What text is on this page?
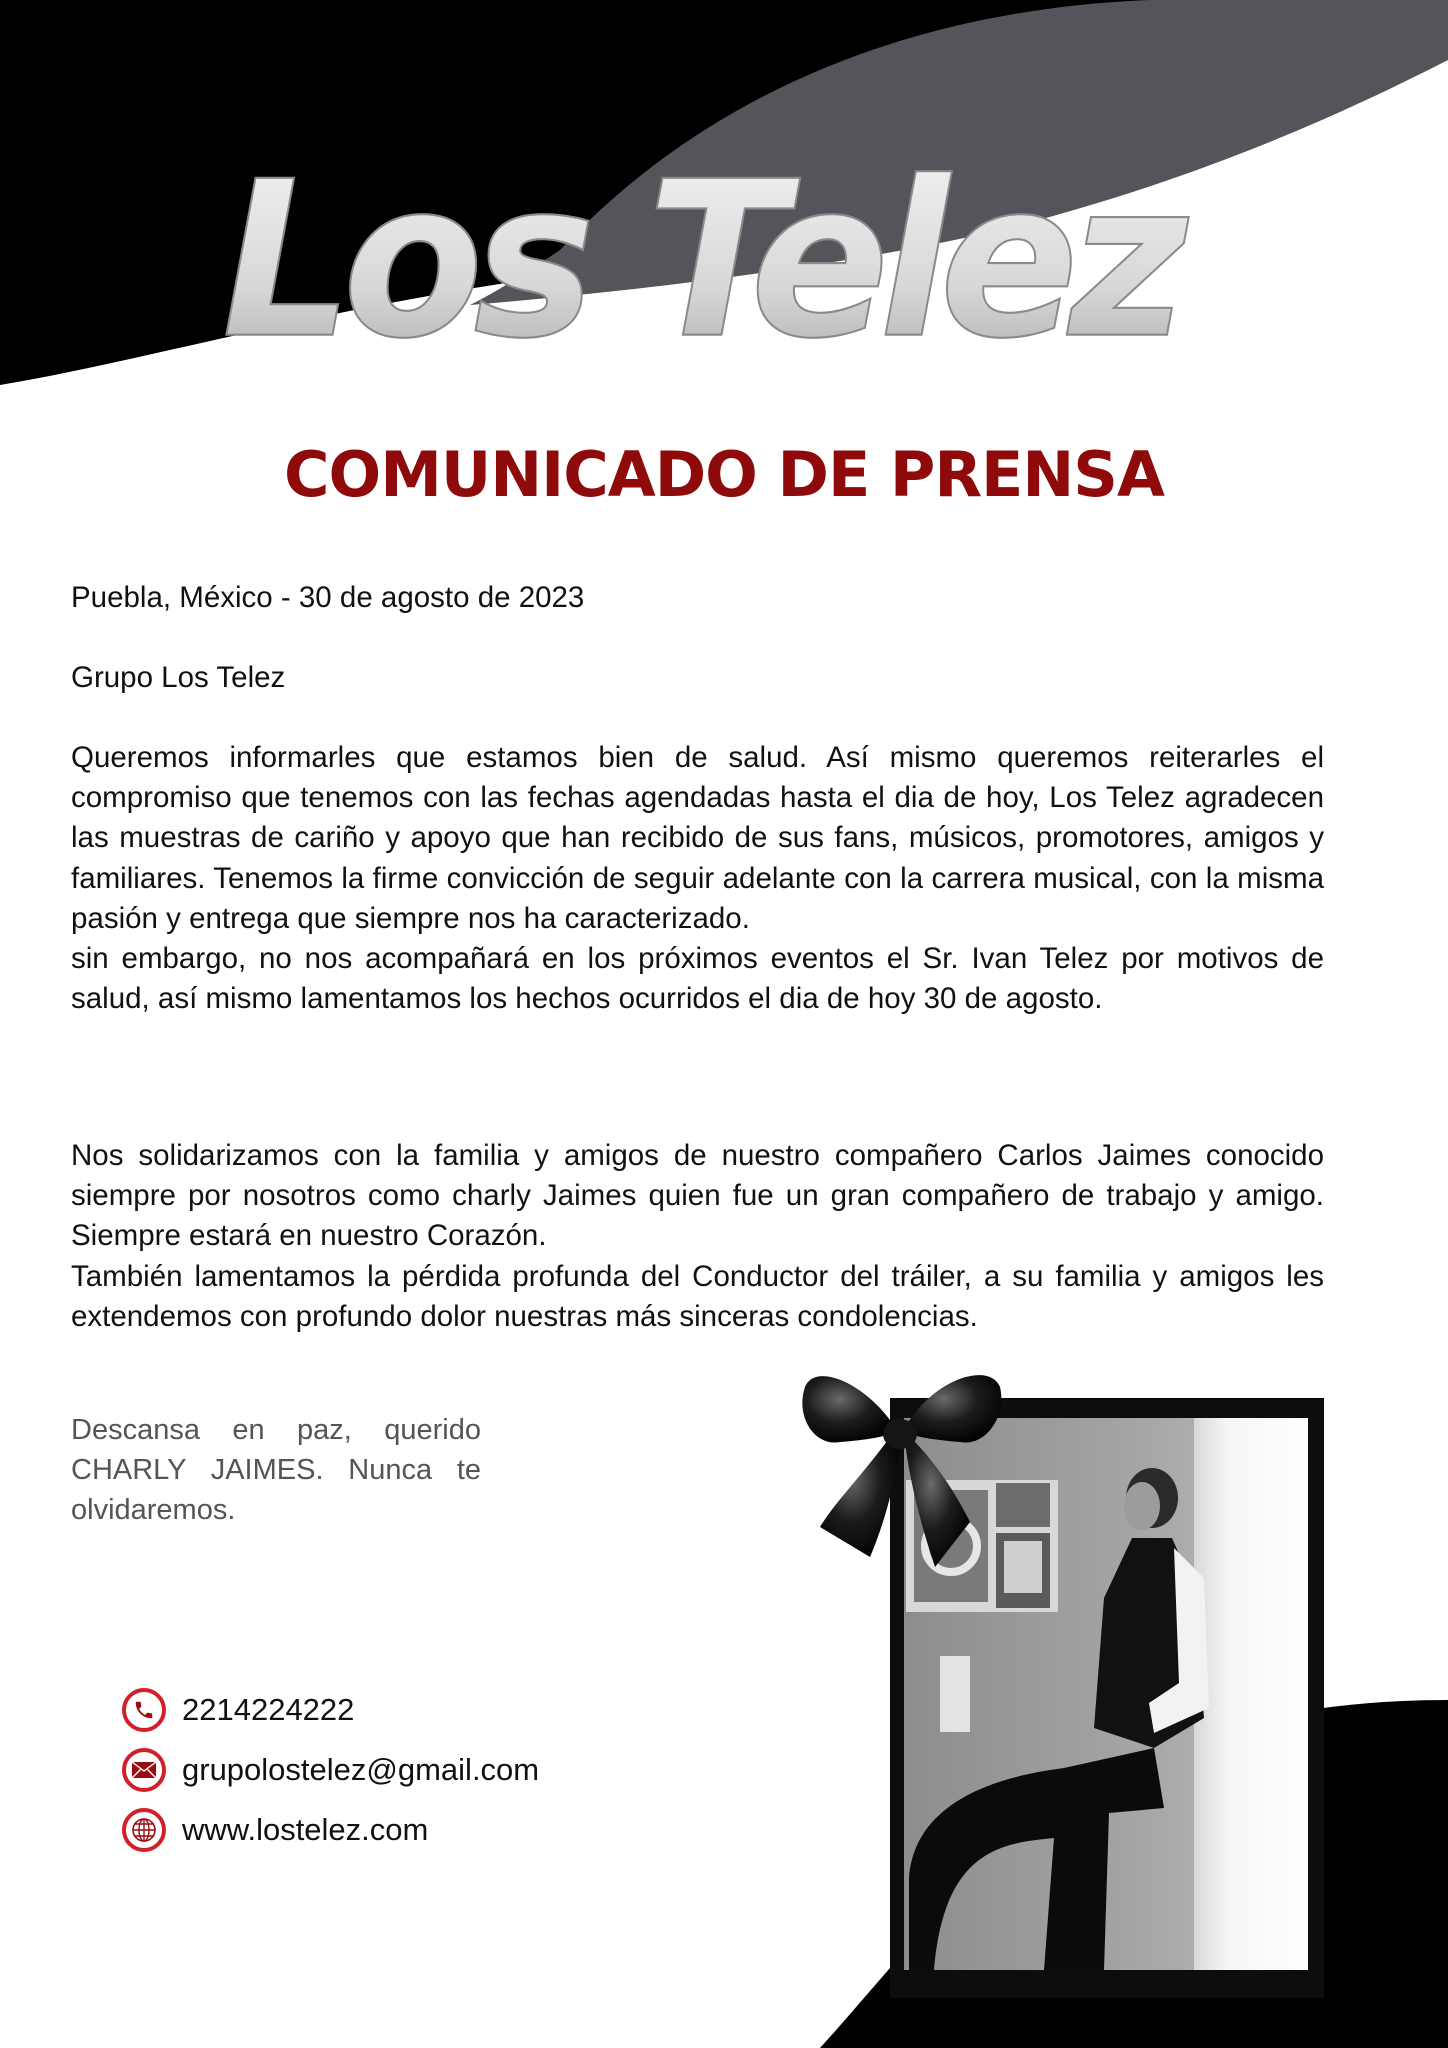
Los Telez
COMUNICADO DE PRENSA
Puebla, México - 30 de agosto de 2023
Grupo Los Telez
Queremos informarles que estamos bien de salud. Así mismo queremos reiterarles el compromiso que tenemos con las fechas agendadas hasta el dia de hoy, Los Telez agradecen las muestras de cariño y apoyo que han recibido de sus fans, músicos, promotores, amigos y familiares. Tenemos la firme convicción de seguir adelante con la carrera musical, con la misma pasión y entrega que siempre nos ha caracterizado.
sin embargo, no nos acompañará en los próximos eventos el Sr. Ivan Telez por motivos de salud, así mismo lamentamos los hechos ocurridos el dia de hoy 30 de agosto.
Nos solidarizamos con la familia y amigos de nuestro compañero Carlos Jaimes conocido siempre por nosotros como charly Jaimes quien fue un gran compañero de trabajo y amigo. Siempre estará en nuestro Corazón.
También lamentamos la pérdida profunda del Conductor del tráiler, a su familia y amigos les extendemos con profundo dolor nuestras más sinceras condolencias.
Descansa en paz, querido CHARLY JAIMES. Nunca te olvidaremos.
2214224222
grupolostelez@gmail.com
www.lostelez.com
